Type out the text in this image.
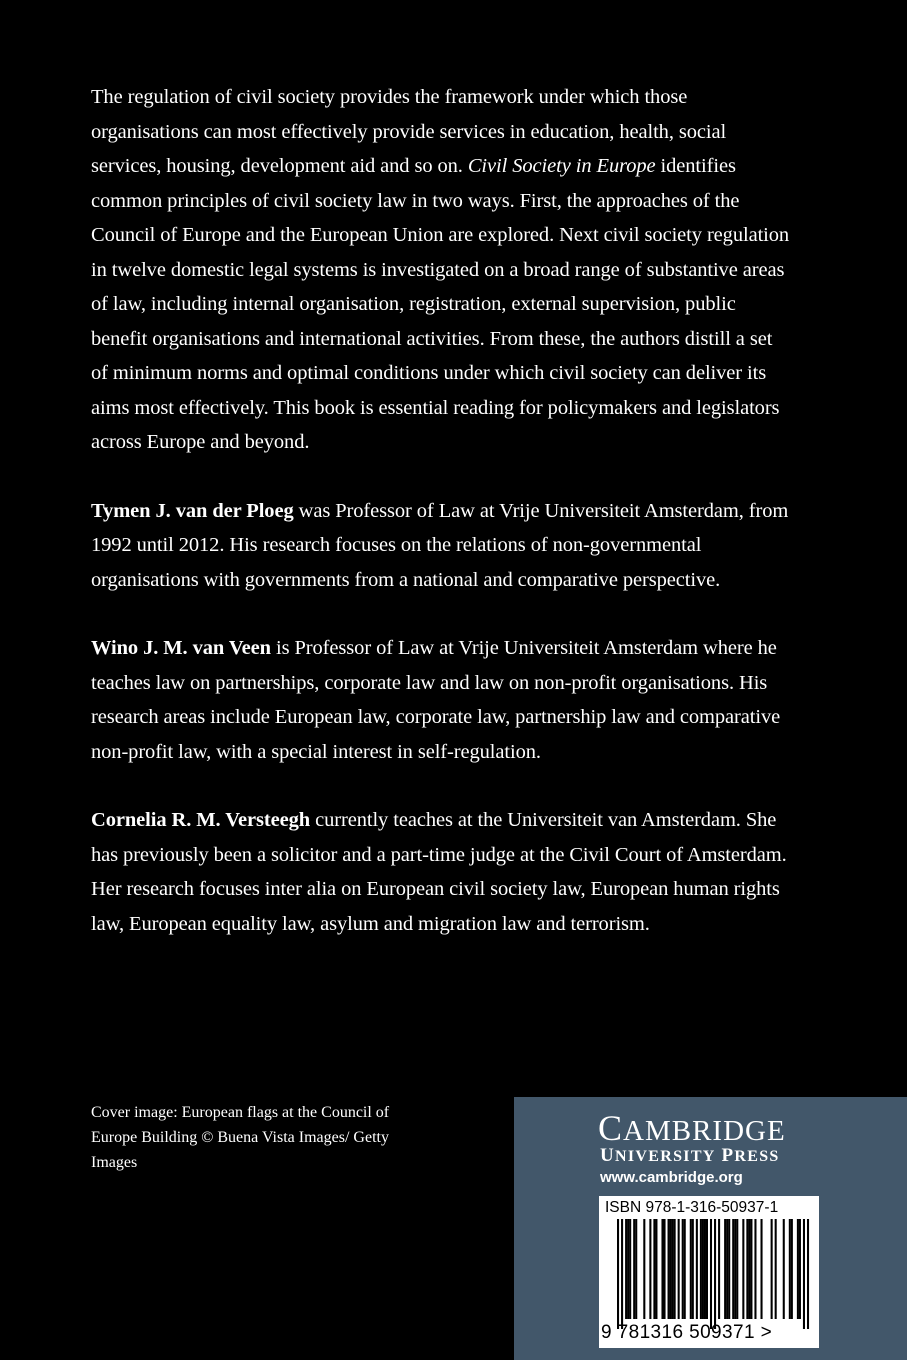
The regulation of civil society provides the framework under which those organisations can most effectively provide services in education, health, social services, housing, development aid and so on. Civil Society in Europe identifies common principles of civil society law in two ways. First, the approaches of the Council of Europe and the European Union are explored. Next civil society regulation in twelve domestic legal systems is investigated on a broad range of substantive areas of law, including internal organisation, registration, external supervision, public benefit organisations and international activities. From these, the authors distill a set of minimum norms and optimal conditions under which civil society can deliver its aims most effectively. This book is essential reading for policymakers and legislators across Europe and beyond.

Tymen J. van der Ploeg was Professor of Law at Vrije Universiteit Amsterdam, from 1992 until 2012. His research focuses on the relations of non-governmental organisations with governments from a national and comparative perspective.

Wino J. M. van Veen is Professor of Law at Vrije Universiteit Amsterdam where he teaches law on partnerships, corporate law and law on non-profit organisations. His research areas include European law, corporate law, partnership law and comparative non-profit law, with a special interest in self-regulation.

Cornelia R. M. Versteegh currently teaches at the Universiteit van Amsterdam. She has previously been a solicitor and a part-time judge at the Civil Court of Amsterdam. Her research focuses inter alia on European civil society law, European human rights law, European equality law, asylum and migration law and terrorism.

Cover image: European flags at the Council of Europe Building © Buena Vista Images/ Getty Images
CAMBRIDGE
UNIVERSITY PRESS
www.cambridge.org
ISBN 978-1-316-50937-1
9 781316 509371 >
